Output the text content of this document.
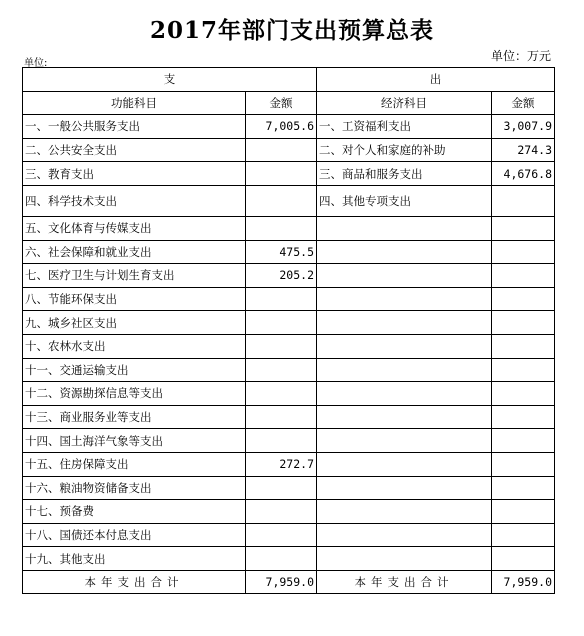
2017年部门支出预算总表
单位:
单位：万元
支		出	
功能科目	金额	经济科目	金额
一、一般公共服务支出	7,005.6	一、工资福利支出	3,007.9
二、公共安全支出		二、对个人和家庭的补助	274.3
三、教育支出		三、商品和服务支出	4,676.8
四、科学技术支出		四、其他专项支出	
五、文化体育与传媒支出			
六、社会保障和就业支出	475.5		
七、医疗卫生与计划生育支出	205.2		
八、节能环保支出			
九、城乡社区支出			
十、农林水支出			
十一、交通运输支出			
十二、资源勘探信息等支出			
十三、商业服务业等支出			
十四、国土海洋气象等支出			
十五、住房保障支出	272.7		
十六、粮油物资储备支出			
十七、预备费			
十八、国债还本付息支出			
十九、其他支出			
本年支出合计	7,959.0	本年支出合计	7,959.0
